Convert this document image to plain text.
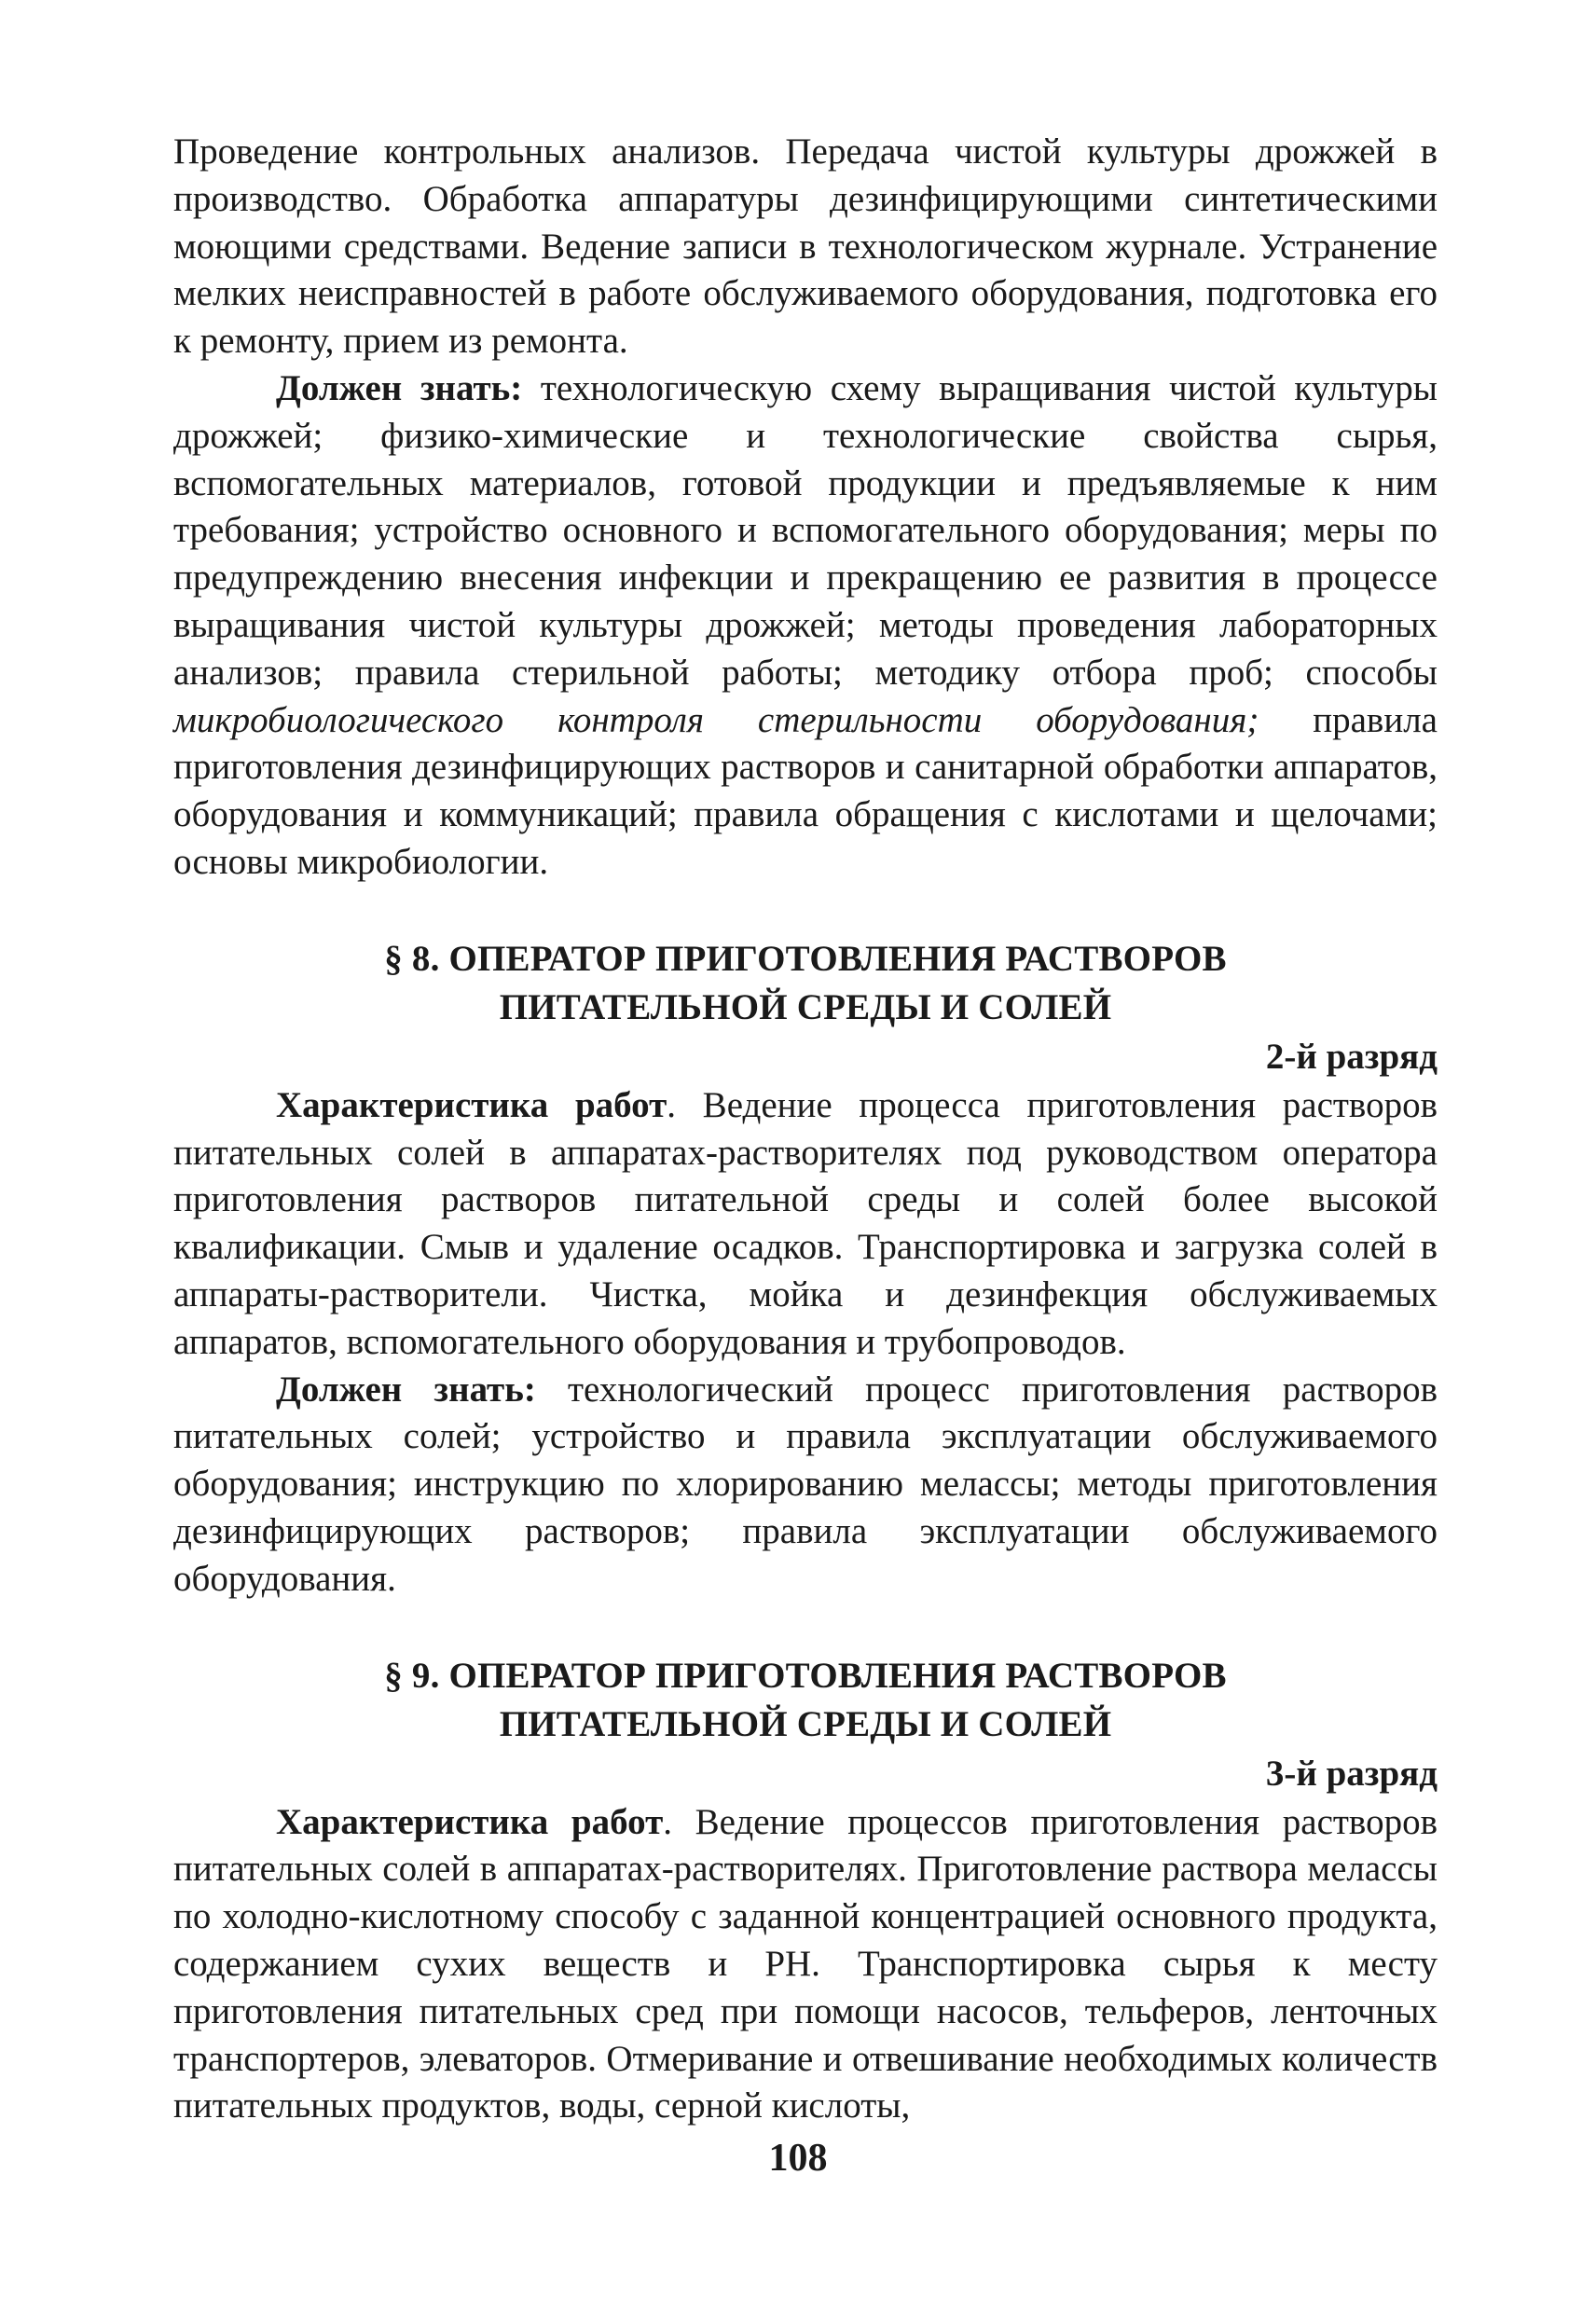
Проведение контрольных анализов. Передача чистой культуры дрожжей в производство. Обработка аппаратуры дезинфицирующими синтетическими моющими средствами. Ведение записи в технологическом журнале. Устранение мелких неисправностей в работе обслуживаемого оборудования, подготовка его к ремонту, прием из ремонта.

Должен знать: технологическую схему выращивания чистой культуры дрожжей; физико-химические и технологические свойства сырья, вспомогательных материалов, готовой продукции и предъявляемые к ним требования; устройство основного и вспомогательного оборудования; меры по предупреждению внесения инфекции и прекращению ее развития в процессе выращивания чистой культуры дрожжей; методы проведения лабораторных анализов; правила стерильной работы; методику отбора проб; способы микробиологического контроля стерильности оборудования; правила приготовления дезинфицирующих растворов и санитарной обработки аппаратов, оборудования и коммуникаций; правила обращения с кислотами и щелочами; основы микробиологии.

§ 8. ОПЕРАТОР ПРИГОТОВЛЕНИЯ РАСТВОРОВ

ПИТАТЕЛЬНОЙ СРЕДЫ И СОЛЕЙ

2-й разряд

Характеристика работ. Ведение процесса приготовления растворов питательных солей в аппаратах-растворителях под руководством оператора приготовления растворов питательной среды и солей более высокой квалификации. Смыв и удаление осадков. Транспортировка и загрузка солей в аппараты-растворители. Чистка, мойка и дезинфекция обслуживаемых аппаратов, вспомогательного оборудования и трубопроводов.

Должен знать: технологический процесс приготовления растворов питательных солей; устройство и правила эксплуатации обслуживаемого оборудования; инструкцию по хлорированию мелассы; методы приготовления дезинфицирующих растворов; правила эксплуатации обслуживаемого оборудования.

§ 9. ОПЕРАТОР ПРИГОТОВЛЕНИЯ РАСТВОРОВ

ПИТАТЕЛЬНОЙ СРЕДЫ И СОЛЕЙ

3-й разряд

Характеристика работ. Ведение процессов приготовления растворов питательных солей в аппаратах-растворителях. Приготовление раствора мелассы по холодно-кислотному способу с заданной концентрацией основного продукта, содержанием сухих веществ и РН. Транспортировка сырья к месту приготовления питательных сред при помощи насосов, тельферов, ленточных транспортеров, элеваторов. Отмеривание и отвешивание необходимых количеств питательных продуктов, воды, серной кислоты,

108
